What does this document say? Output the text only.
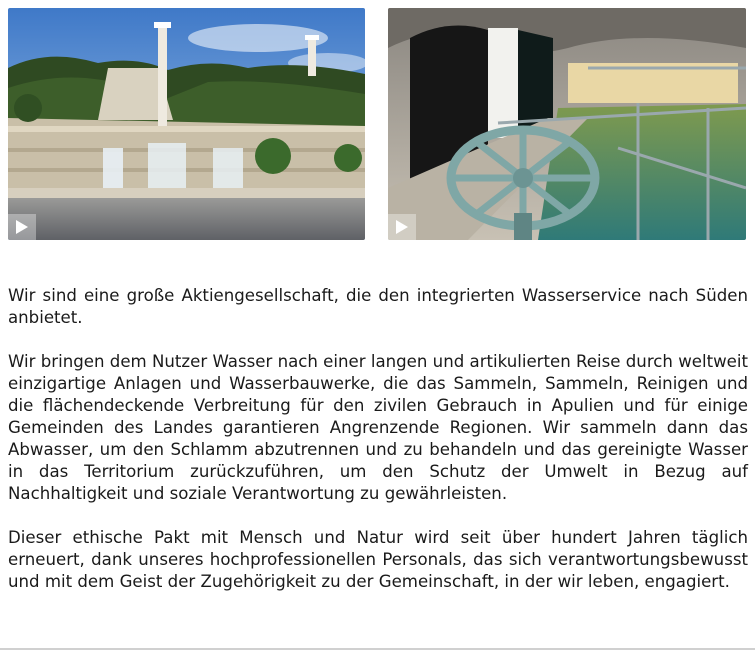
Wir sind eine große Aktiengesellschaft, die den integrierten Wasserservice nach Süden anbietet.

Wir bringen dem Nutzer Wasser nach einer langen und artikulierten Reise durch weltweit einzigartige Anlagen und Wasserbauwerke, die das Sammeln, Sammeln, Reinigen und die flächendeckende Verbreitung für den zivilen Gebrauch in Apulien und für einige Gemeinden des Landes garantieren Angrenzende Regionen. Wir sammeln dann das Abwasser, um den Schlamm abzutrennen und zu behandeln und das gereinigte Wasser in das Territorium zurückzuführen, um den Schutz der Umwelt in Bezug auf Nachhaltigkeit und soziale Verantwortung zu gewährleisten.

Dieser ethische Pakt mit Mensch und Natur wird seit über hundert Jahren täglich erneuert, dank unseres hochprofessionellen Personals, das sich verantwortungsbewusst und mit dem Geist der Zugehörigkeit zu der Gemeinschaft, in der wir leben, engagiert.
